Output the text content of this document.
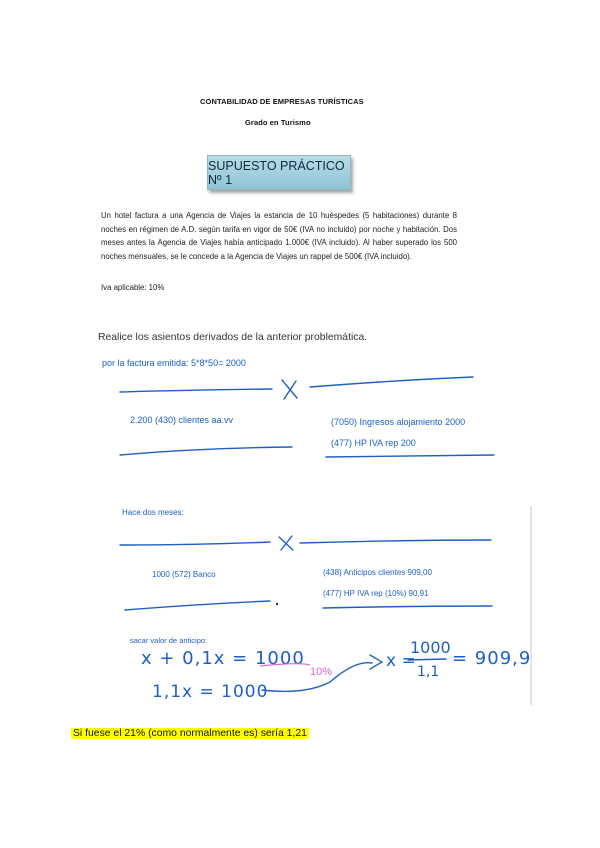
CONTABILIDAD DE EMPRESAS TURÍSTICAS
Grado en Turismo
SUPUESTO PRÁCTICO Nº 1
Un hotel factura a una Agencia de Viajes la estancia de 10 huéspedes (5 habitaciones) durante 8 noches en régimen de A.D. según tarifa en vigor de 50€ (IVA no incluido) por noche y habitación. Dos meses antes la Agencia de Viajes había anticipado 1.000€ (IVA incluido). Al haber superado los 500 noches mensuales, se le concede a la Agencia de Viajes un rappel de 500€ (IVA incluido).
Iva aplicable: 10%
Realice los asientos derivados de la anterior problemática.
por la factura emitida: 5*8*50= 2000
2.200 (430) clientes aa.vv	(7050) Ingresos alojamiento 2000
(477) HP IVA rep 200
Hace dos meses:
1000 (572) Banco	(438) Anticipos clientes 909,00
(477) HP IVA rep (10%) 90,91
sacar valor de anticipo:
x + 0,1x = 1000
10%
1,1x = 1000
x =
1000
1,1
= 909,9
Si fuese el 21% (como normalmente es) sería 1,21
